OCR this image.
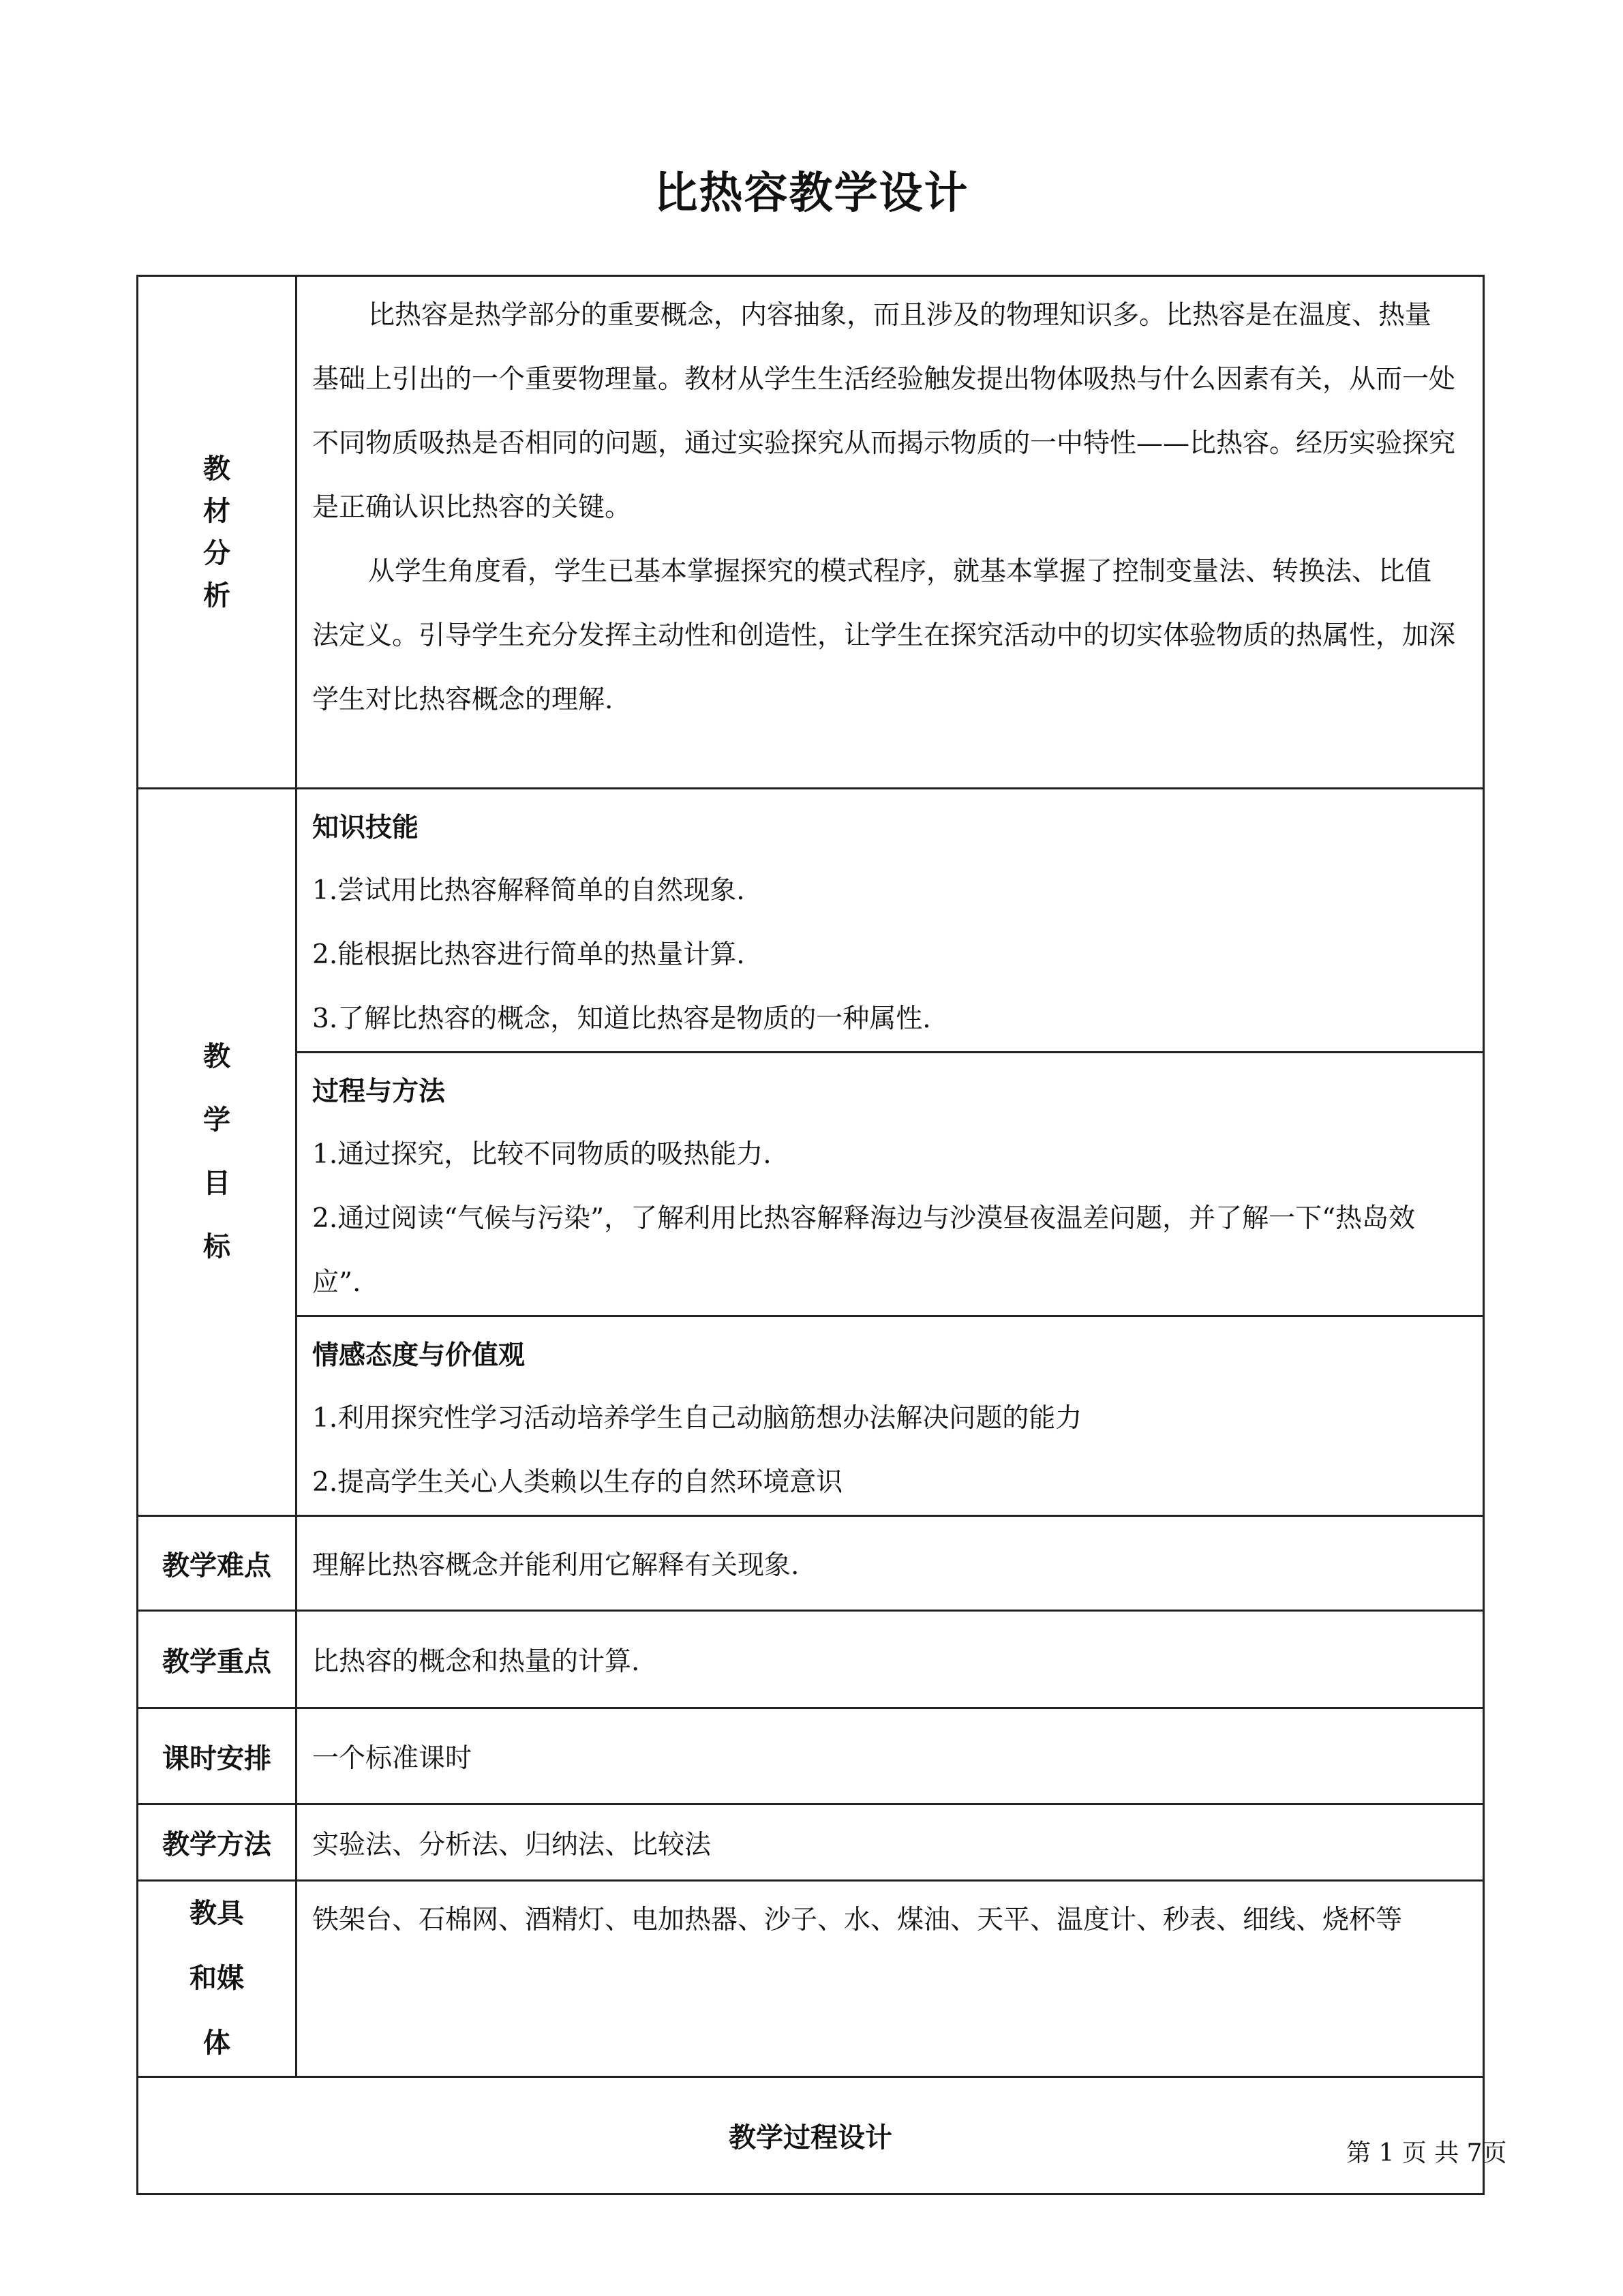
比热容教学设计
教材分析	比热容是热学部分的重要概念，内容抽象，而且涉及的物理知识多。比热容是在温度、热量基础上引出的一个重要物理量。教材从学生生活经验触发提出物体吸热与什么因素有关，从而一处不同物质吸热是否相同的问题，通过实验探究从而揭示物质的一中特性——比热容。经历实验探究是正确认识比热容的关键。

从学生角度看，学生已基本掌握探究的模式程序，就基本掌握了控制变量法、转换法、比值法定义。引导学生充分发挥主动性和创造性，让学生在探究活动中的切实体验物质的热属性，加深学生对比热容概念的理解.

教学目标	知识技能

1.尝试用比热容解释简单的自然现象.

2.能根据比热容进行简单的热量计算.

3.了解比热容的概念，知道比热容是物质的一种属性.

	过程与方法

1.通过探究，比较不同物质的吸热能力.

2.通过阅读“气候与污染”，了解利用比热容解释海边与沙漠昼夜温差问题，并了解一下“热岛效应”.

	情感态度与价值观

1.利用探究性学习活动培养学生自己动脑筋想办法解决问题的能力

2.提高学生关心人类赖以生存的自然环境意识

教学难点	理解比热容概念并能利用它解释有关现象.
教学重点	比热容的概念和热量的计算.
课时安排	一个标准课时
教学方法	实验法、分析法、归纳法、比较法
教具和媒体	铁架台、石棉网、酒精灯、电加热器、沙子、水、煤油、天平、温度计、秒表、细线、烧杯等
教学过程设计		第 1 页 共 7页
